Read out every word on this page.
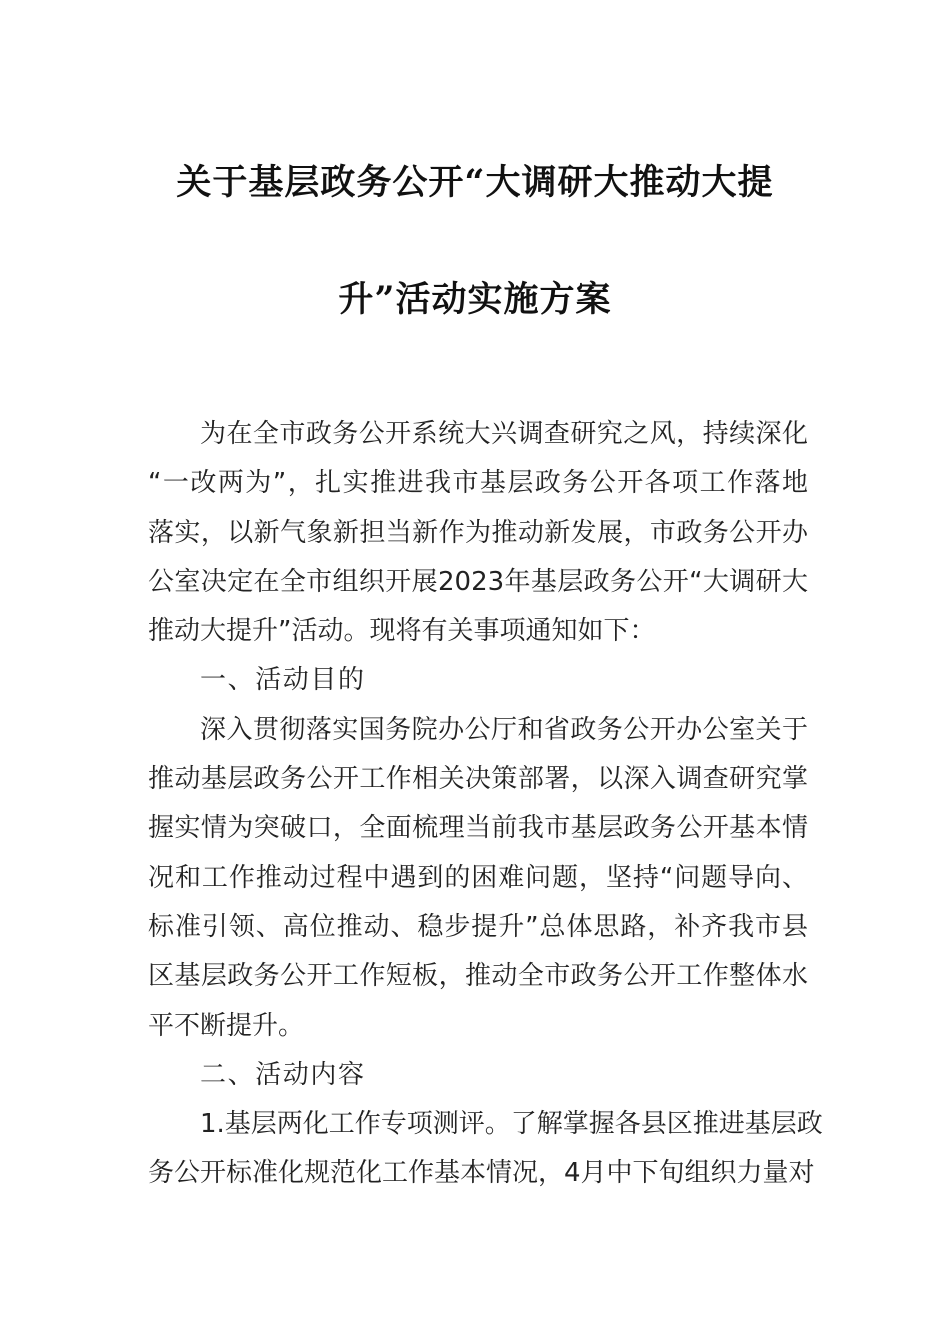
关于基层政务公开“大调研大推动大提
升”活动实施方案
为在全市政务公开系统大兴调查研究之风，持续深化
“一改两为”，扎实推进我市基层政务公开各项工作落地
落实，以新气象新担当新作为推动新发展，市政务公开办
公室决定在全市组织开展2023年基层政务公开“大调研大
推动大提升”活动。现将有关事项通知如下：
一、活动目的
深入贯彻落实国务院办公厅和省政务公开办公室关于
推动基层政务公开工作相关决策部署，以深入调查研究掌
握实情为突破口，全面梳理当前我市基层政务公开基本情
况和工作推动过程中遇到的困难问题，坚持“问题导向、
标准引领、高位推动、稳步提升”总体思路，补齐我市县
区基层政务公开工作短板，推动全市政务公开工作整体水
平不断提升。
二、活动内容
1.基层两化工作专项测评。了解掌握各县区推进基层政
务公开标准化规范化工作基本情况，4月中下旬组织力量对
